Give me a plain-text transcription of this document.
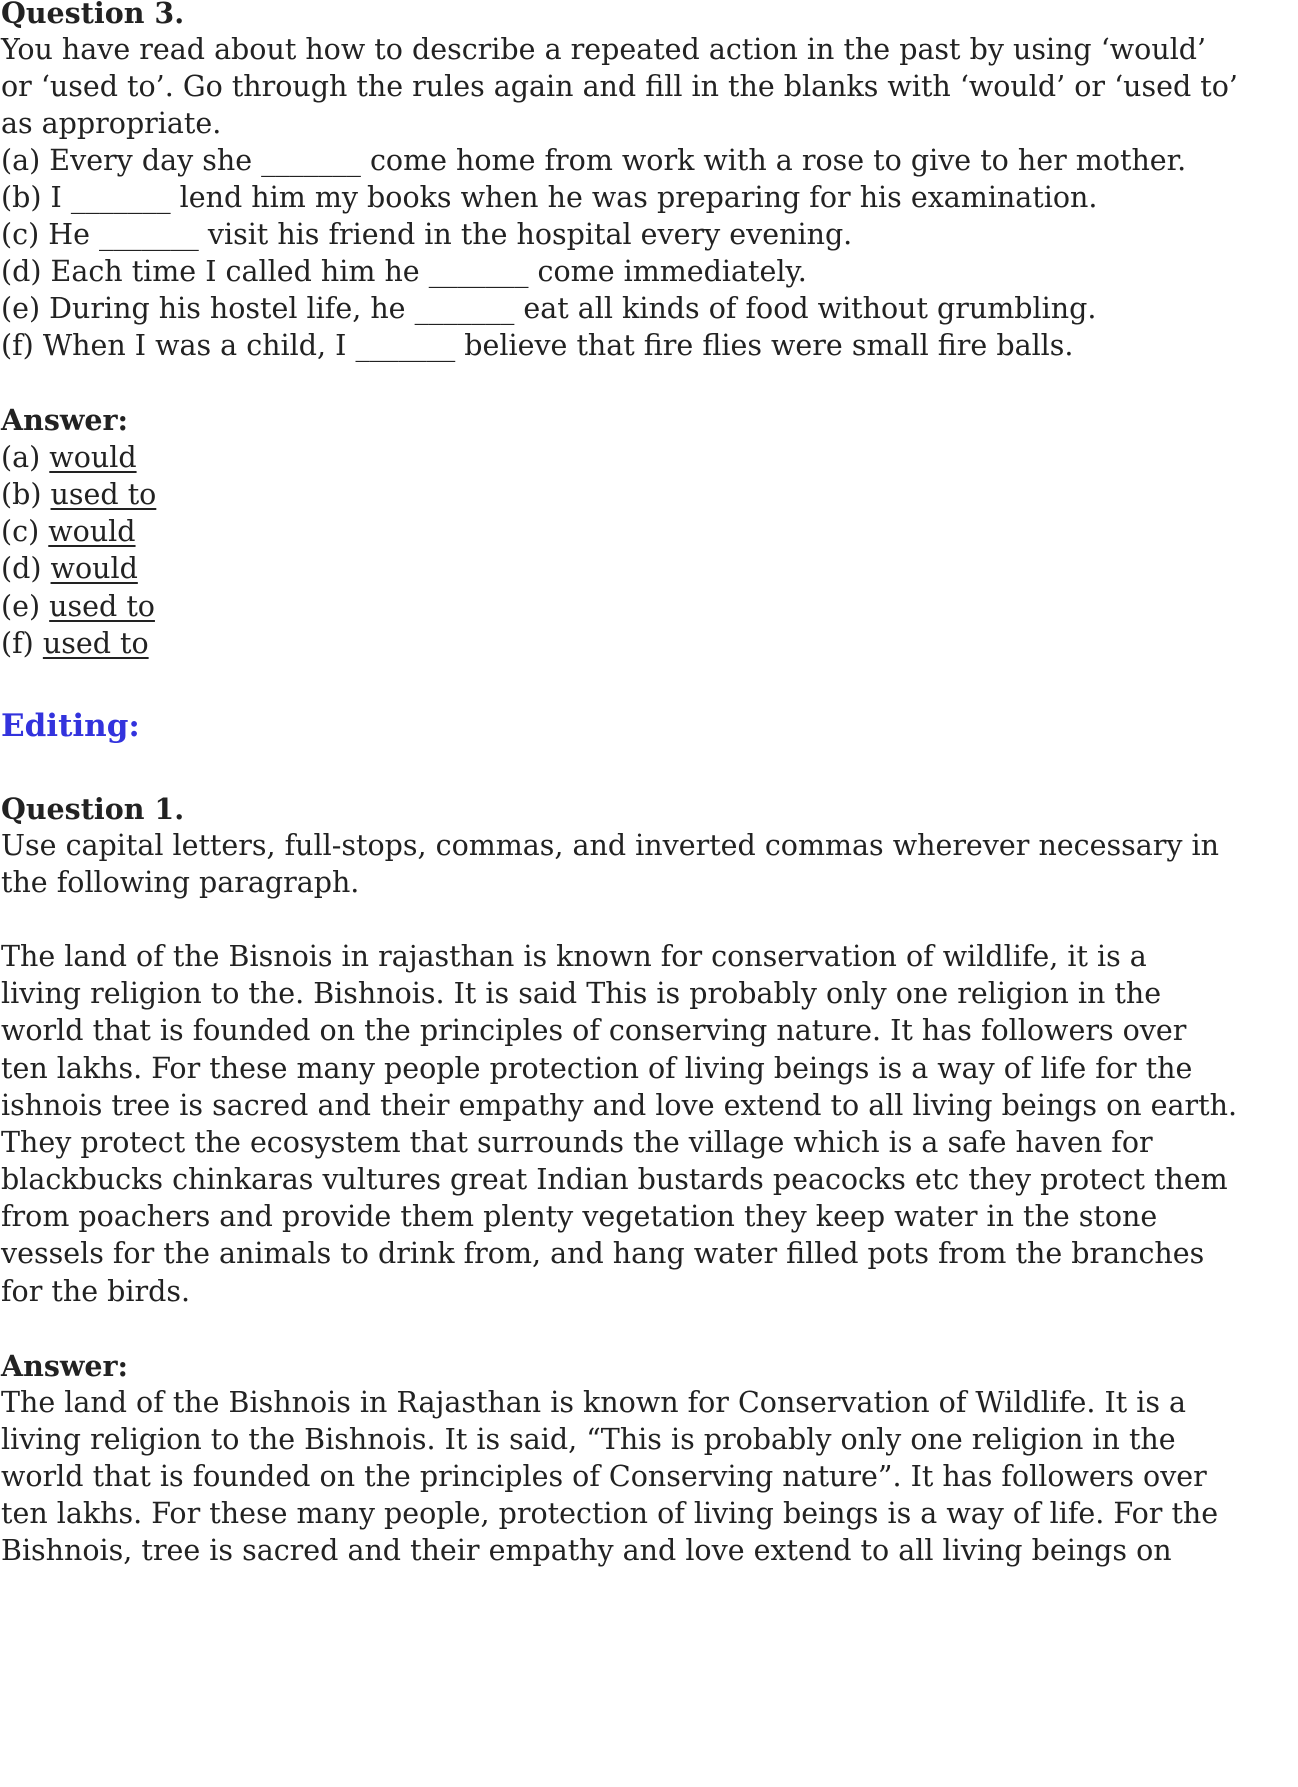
Question 3.
You have read about how to describe a repeated action in the past by using ‘would’
or ‘used to’. Go through the rules again and fill in the blanks with ‘would’ or ‘used to’
as appropriate.
(a) Every day she _______ come home from work with a rose to give to her mother.
(b) I _______ lend him my books when he was preparing for his examination.
(c) He _______ visit his friend in the hospital every evening.
(d) Each time I called him he _______ come immediately.
(e) During his hostel life, he _______ eat all kinds of food without grumbling.
(f) When I was a child, I _______ believe that fire flies were small fire balls.
Answer:
(a) would
(b) used to
(c) would
(d) would
(e) used to
(f) used to
Editing:
Question 1.
Use capital letters, full-stops, commas, and inverted commas wherever necessary in
the following paragraph.
The land of the Bisnois in rajasthan is known for conservation of wildlife, it is a
living religion to the. Bishnois. It is said This is probably only one religion in the
world that is founded on the principles of conserving nature. It has followers over
ten lakhs. For these many people protection of living beings is a way of life for the
ishnois tree is sacred and their empathy and love extend to all living beings on earth.
They protect the ecosystem that surrounds the village which is a safe haven for
blackbucks chinkaras vultures great Indian bustards peacocks etc they protect them
from poachers and provide them plenty vegetation they keep water in the stone
vessels for the animals to drink from, and hang water filled pots from the branches
for the birds.
Answer:
The land of the Bishnois in Rajasthan is known for Conservation of Wildlife. It is a
living religion to the Bishnois. It is said, “This is probably only one religion in the
world that is founded on the principles of Conserving nature”. It has followers over
ten lakhs. For these many people, protection of living beings is a way of life. For the
Bishnois, tree is sacred and their empathy and love extend to all living beings on
